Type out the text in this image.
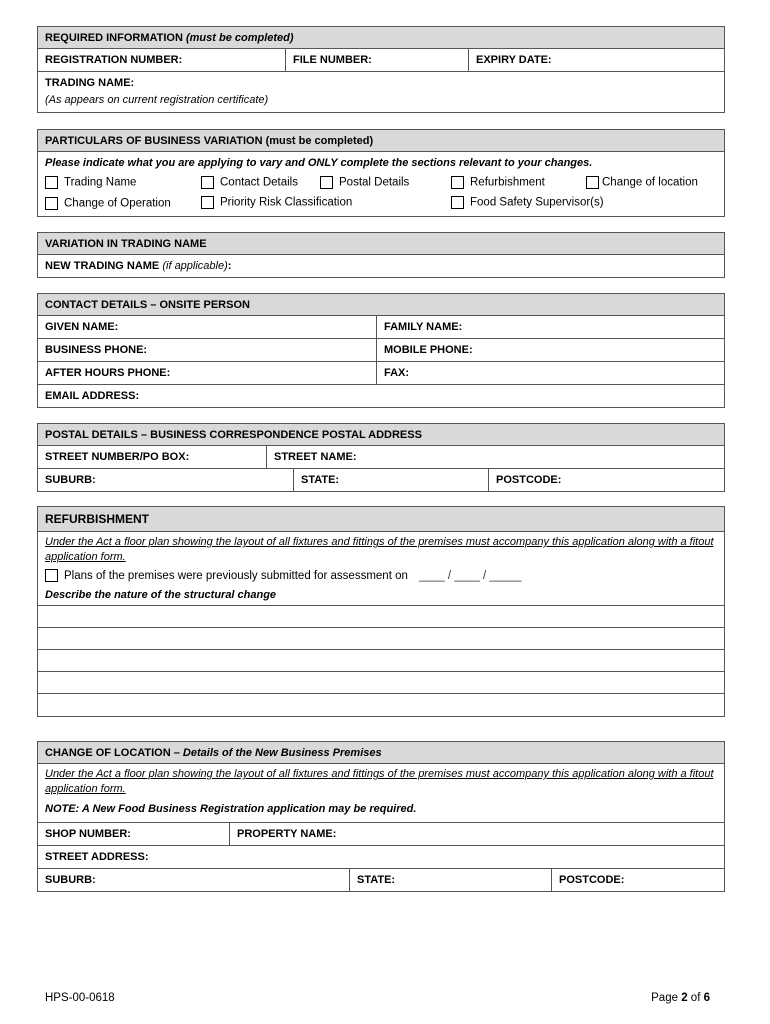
REQUIRED INFORMATION (must be completed)
REGISTRATION NUMBER:	FILE NUMBER:	EXPIRY DATE:
TRADING NAME:
(As appears on current registration certificate)
PARTICULARS OF BUSINESS VARIATION (must be completed)
Please indicate what you are applying to vary and ONLY complete the sections relevant to your changes.
Trading Name	Contact Details	Postal Details	Refurbishment	Change of location
Change of Operation	Priority Risk Classification	Food Safety Supervisor(s)
VARIATION IN TRADING NAME
NEW TRADING NAME (if applicable):
CONTACT DETAILS – ONSITE PERSON
GIVEN NAME:	FAMILY NAME:
BUSINESS PHONE:	MOBILE PHONE:
AFTER HOURS PHONE:	FAX:
EMAIL ADDRESS:
POSTAL DETAILS – BUSINESS CORRESPONDENCE POSTAL ADDRESS
STREET NUMBER/PO BOX:	STREET NAME:
SUBURB:	STATE:	POSTCODE:
REFURBISHMENT
Under the Act a floor plan showing the layout of all fixtures and fittings of the premises must accompany this application along with a fitout application form.
Plans of the premises were previously submitted for assessment on ____ / ____ / _____
Describe the nature of the structural change
CHANGE OF LOCATION – Details of the New Business Premises
Under the Act a floor plan showing the layout of all fixtures and fittings of the premises must accompany this application along with a fitout application form.
NOTE: A New Food Business Registration application may be required.
SHOP NUMBER:	PROPERTY NAME:
STREET ADDRESS:
SUBURB:	STATE:	POSTCODE:
HPS-00-0618	Page 2 of 6
